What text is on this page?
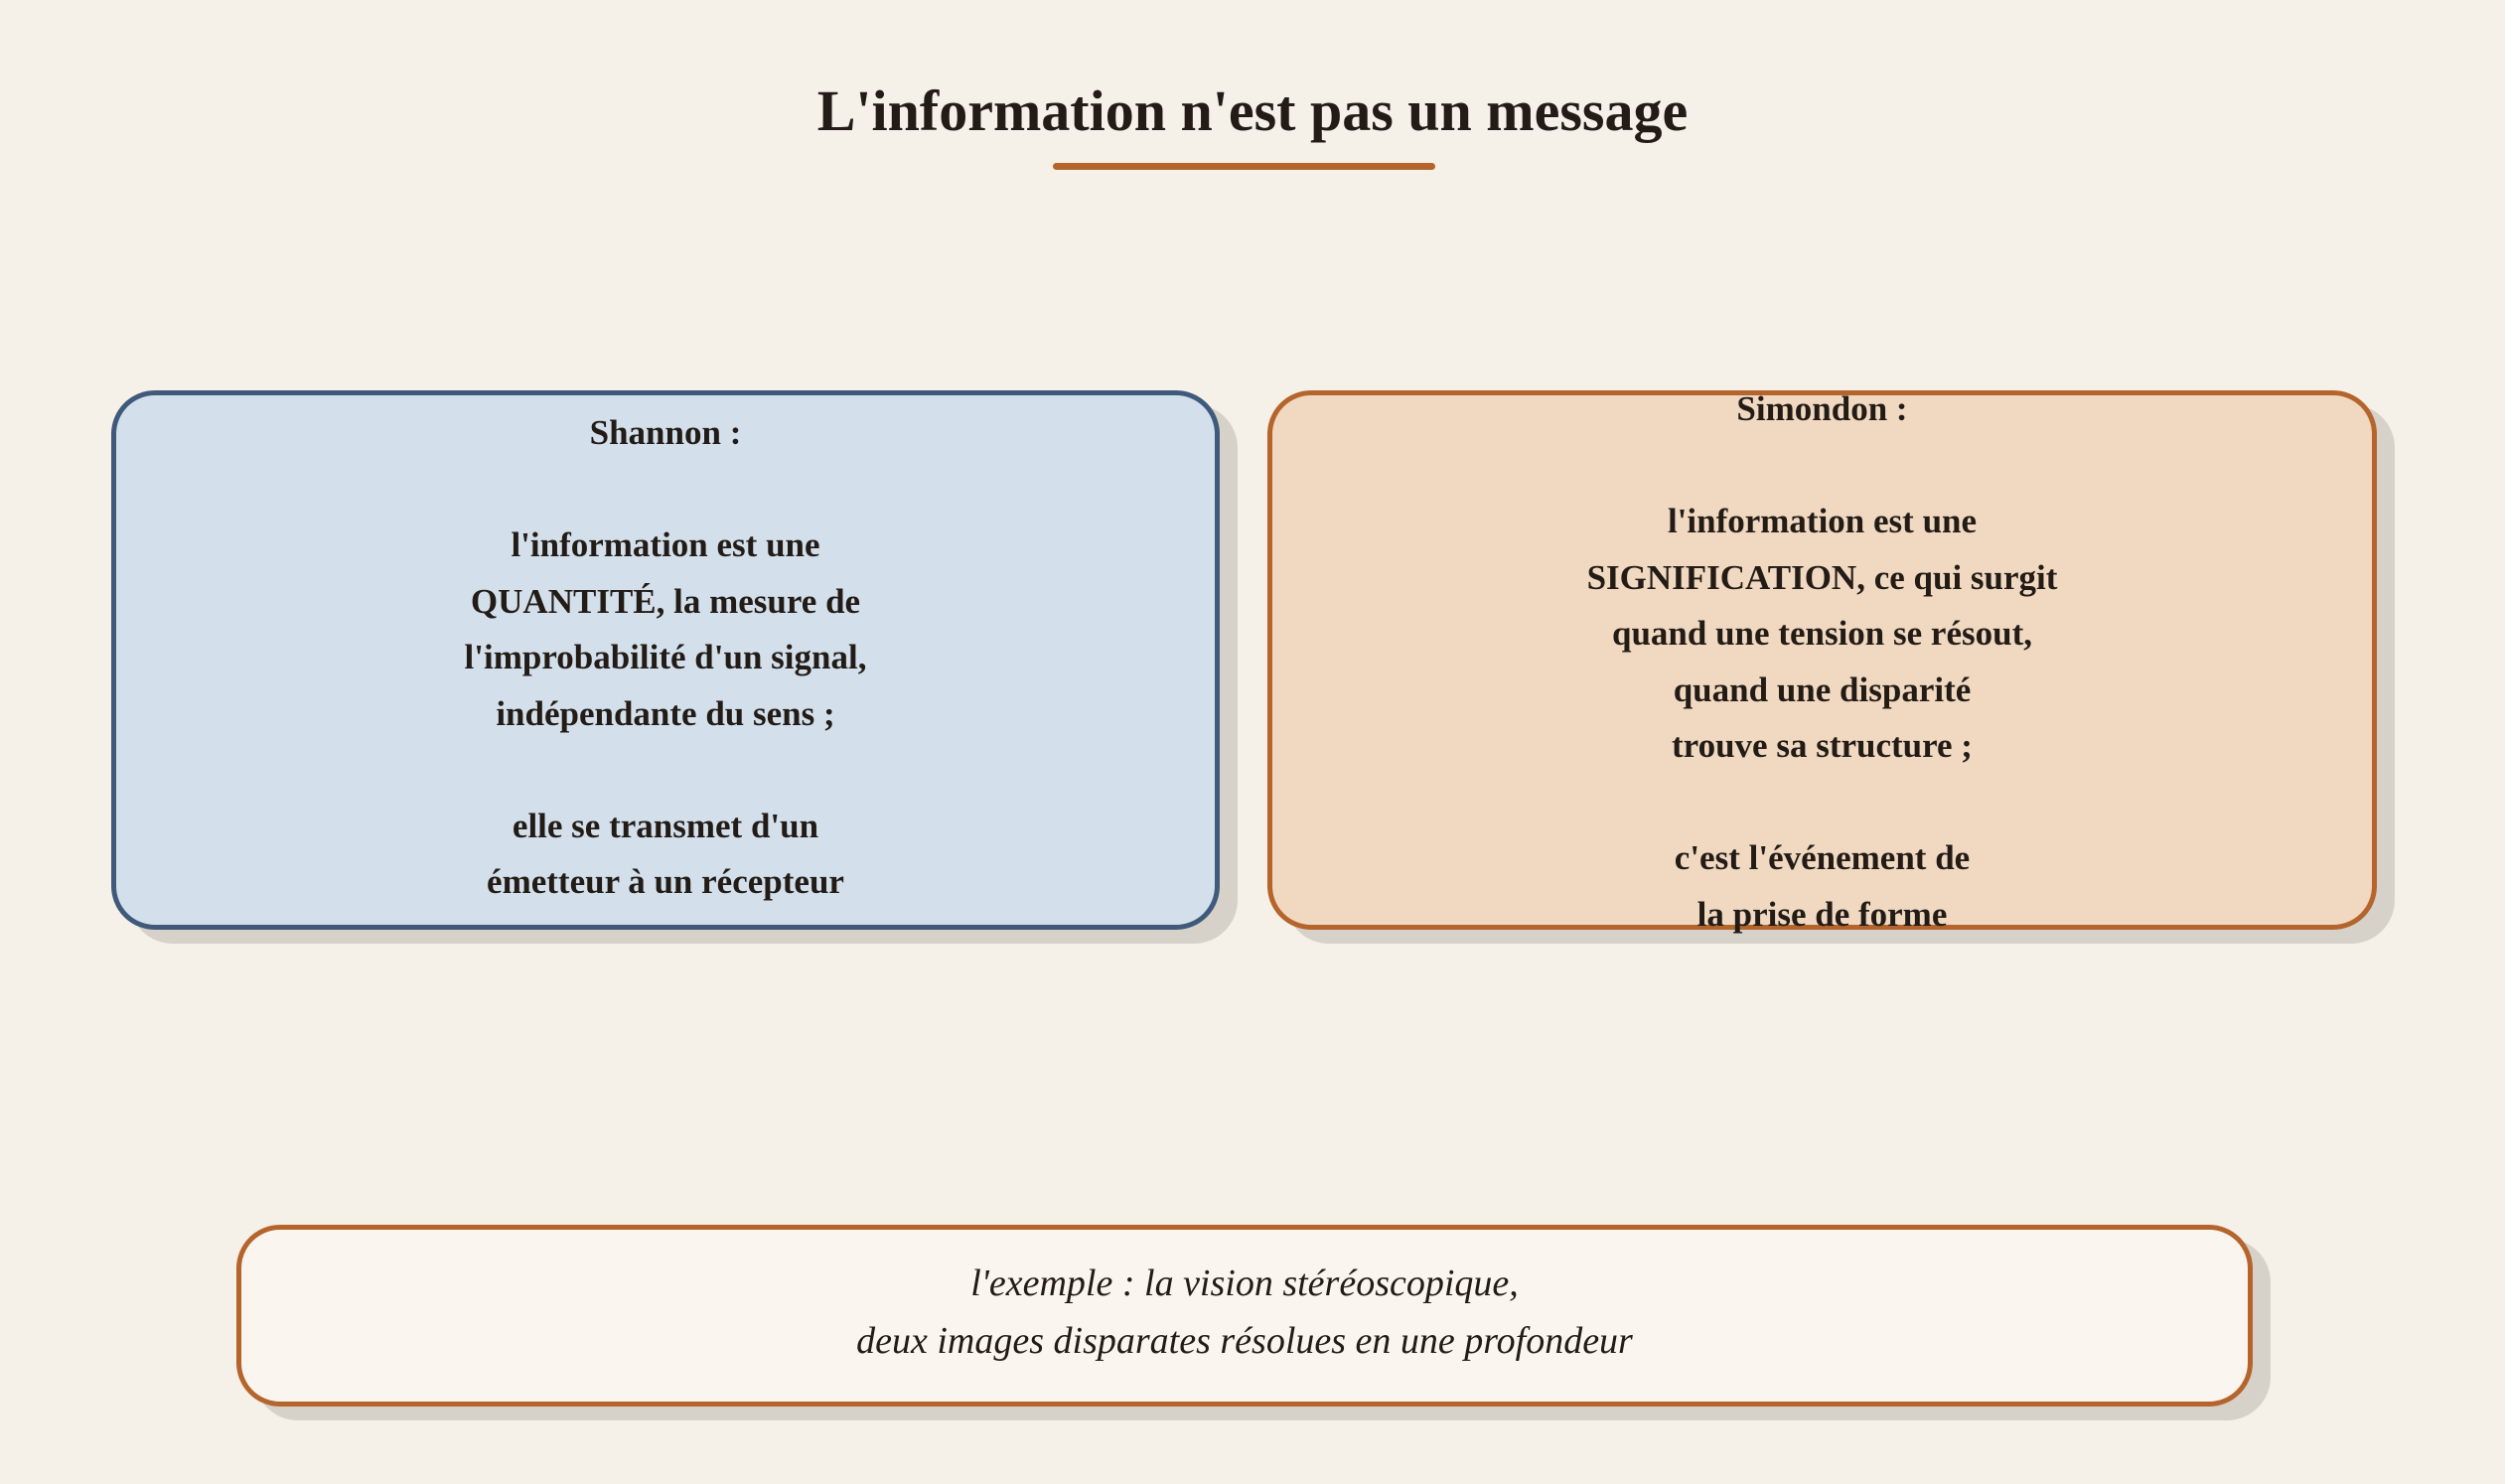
L'information n'est pas un message
Shannon :
l'information est une
QUANTITÉ, la mesure de
l'improbabilité d'un signal,
indépendante du sens ;
elle se transmet d'un
émetteur à un récepteur
Simondon :
l'information est une
SIGNIFICATION, ce qui surgit
quand une tension se résout,
quand une disparité
trouve sa structure ;
c'est l'événement de
la prise de forme
l'exemple : la vision stéréoscopique,
deux images disparates résolues en une profondeur
